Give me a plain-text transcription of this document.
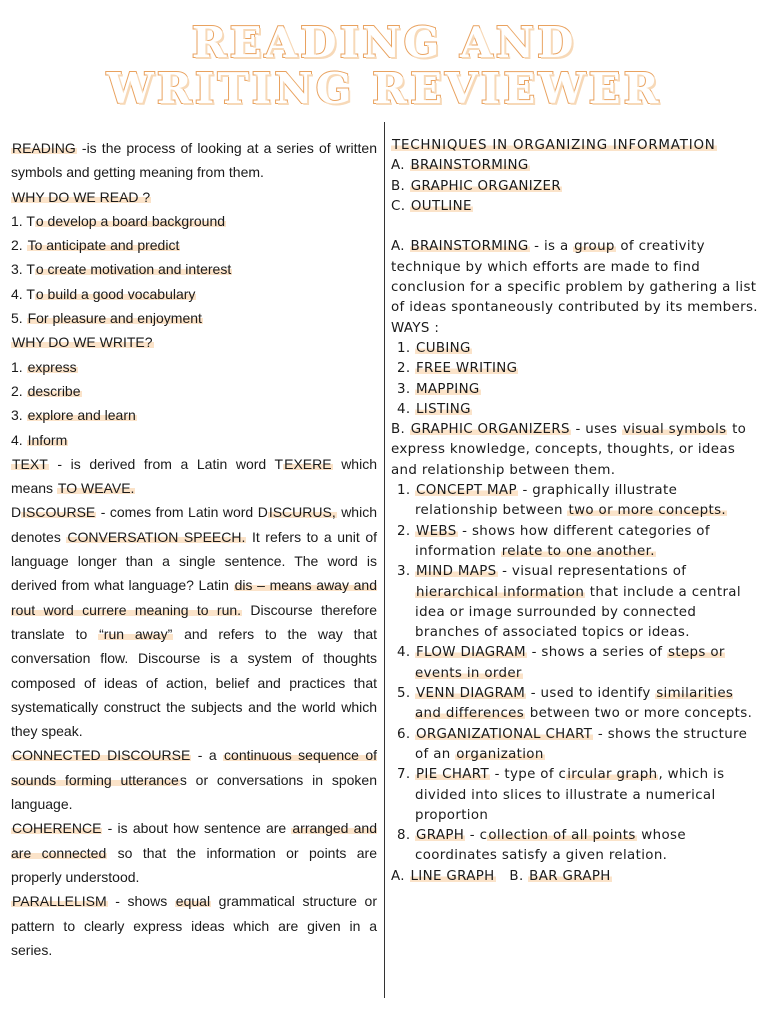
READING AND
WRITING REVIEWER

READING -is the process of looking at a series of written symbols and getting meaning from them.

WHY DO WE READ ?

1. To develop a board background

2. To anticipate and predict

3. To create motivation and interest

4. To build a good vocabulary

5. For pleasure and enjoyment

WHY DO WE WRITE?

1. express

2. describe

3. explore and learn

4. Inform

TEXT - is derived from a Latin word TEXERE which means TO WEAVE.

DISCOURSE - comes from Latin word DISCURUS, which denotes CONVERSATION SPEECH. It refers to a unit of language longer than a single sentence. The word is derived from what language? Latin dis – means away and rout word currere meaning to run. Discourse therefore translate to “run away” and refers to the way that conversation flow. Discourse is a system of thoughts composed of ideas of action, belief and practices that systematically construct the subjects and the world which they speak.

CONNECTED DISCOURSE - a continuous sequence of sounds forming utterances or conversations in spoken language.

COHERENCE - is about how sentence are arranged and are connected so that the information or points are properly understood.

PARALLELISM - shows equal grammatical structure or pattern to clearly express ideas which are given in a series.

TECHNIQUES IN ORGANIZING INFORMATION

A. BRAINSTORMING

B. GRAPHIC ORGANIZER

C. OUTLINE

A. BRAINSTORMING - is a group of creativity technique by which efforts are made to find conclusion for a specific problem by gathering a list of ideas spontaneously contributed by its members.

WAYS :

1. CUBING
2. FREE WRITING
3. MAPPING
4. LISTING

B. GRAPHIC ORGANIZERS - uses visual symbols to express knowledge, concepts, thoughts, or ideas and relationship between them.

1. CONCEPT MAP - graphically illustrate relationship between two or more concepts.
2. WEBS - shows how different categories of information relate to one another.
3. MIND MAPS - visual representations of hierarchical information that include a central idea or image surrounded by connected branches of associated topics or ideas.
4. FLOW DIAGRAM - shows a series of steps or events in order
5. VENN DIAGRAM - used to identify similarities and differences between two or more concepts.
6. ORGANIZATIONAL CHART - shows the structure of an organization
7. PIE CHART - type of circular graph, which is divided into slices to illustrate a numerical proportion
8. GRAPH - collection of all points whose coordinates satisfy a given relation.

A. LINE GRAPH B. BAR GRAPH
